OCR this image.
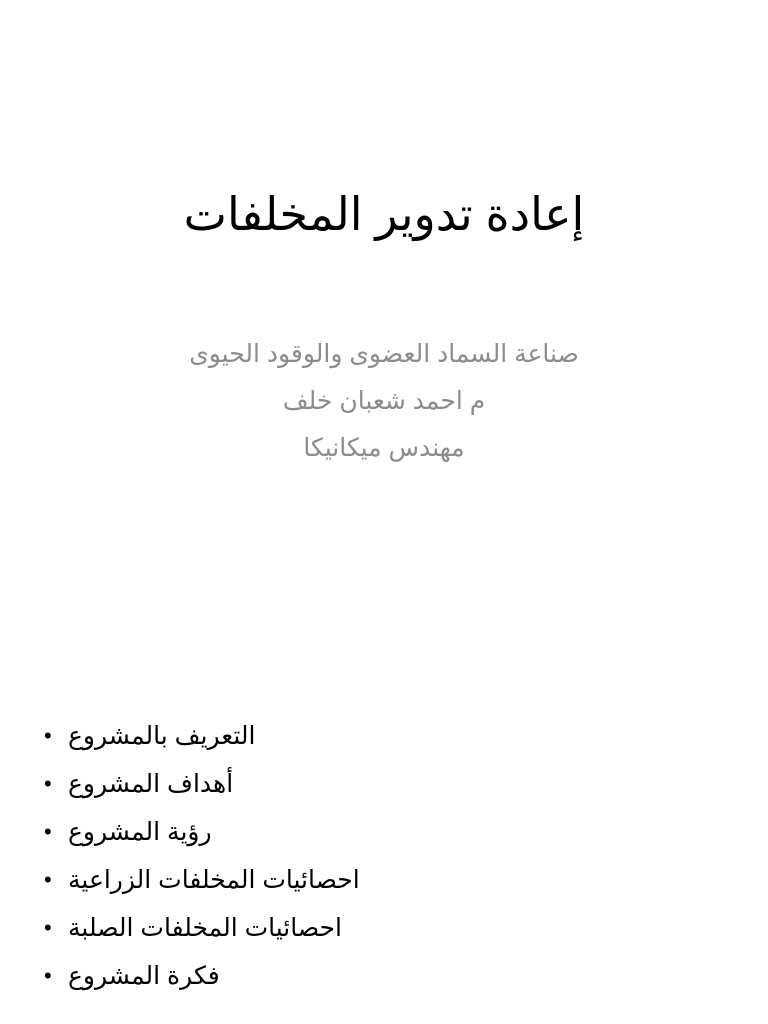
إعادة تدوير المخلفات
صناعة السماد العضوى والوقود الحيوى
م احمد شعبان خلف
مهندس ميكانيكا
• التعريف بالمشروع
• أهداف المشروع
• رؤية المشروع
• احصائيات المخلفات الزراعية
• احصائيات المخلفات الصلبة
• فكرة المشروع
